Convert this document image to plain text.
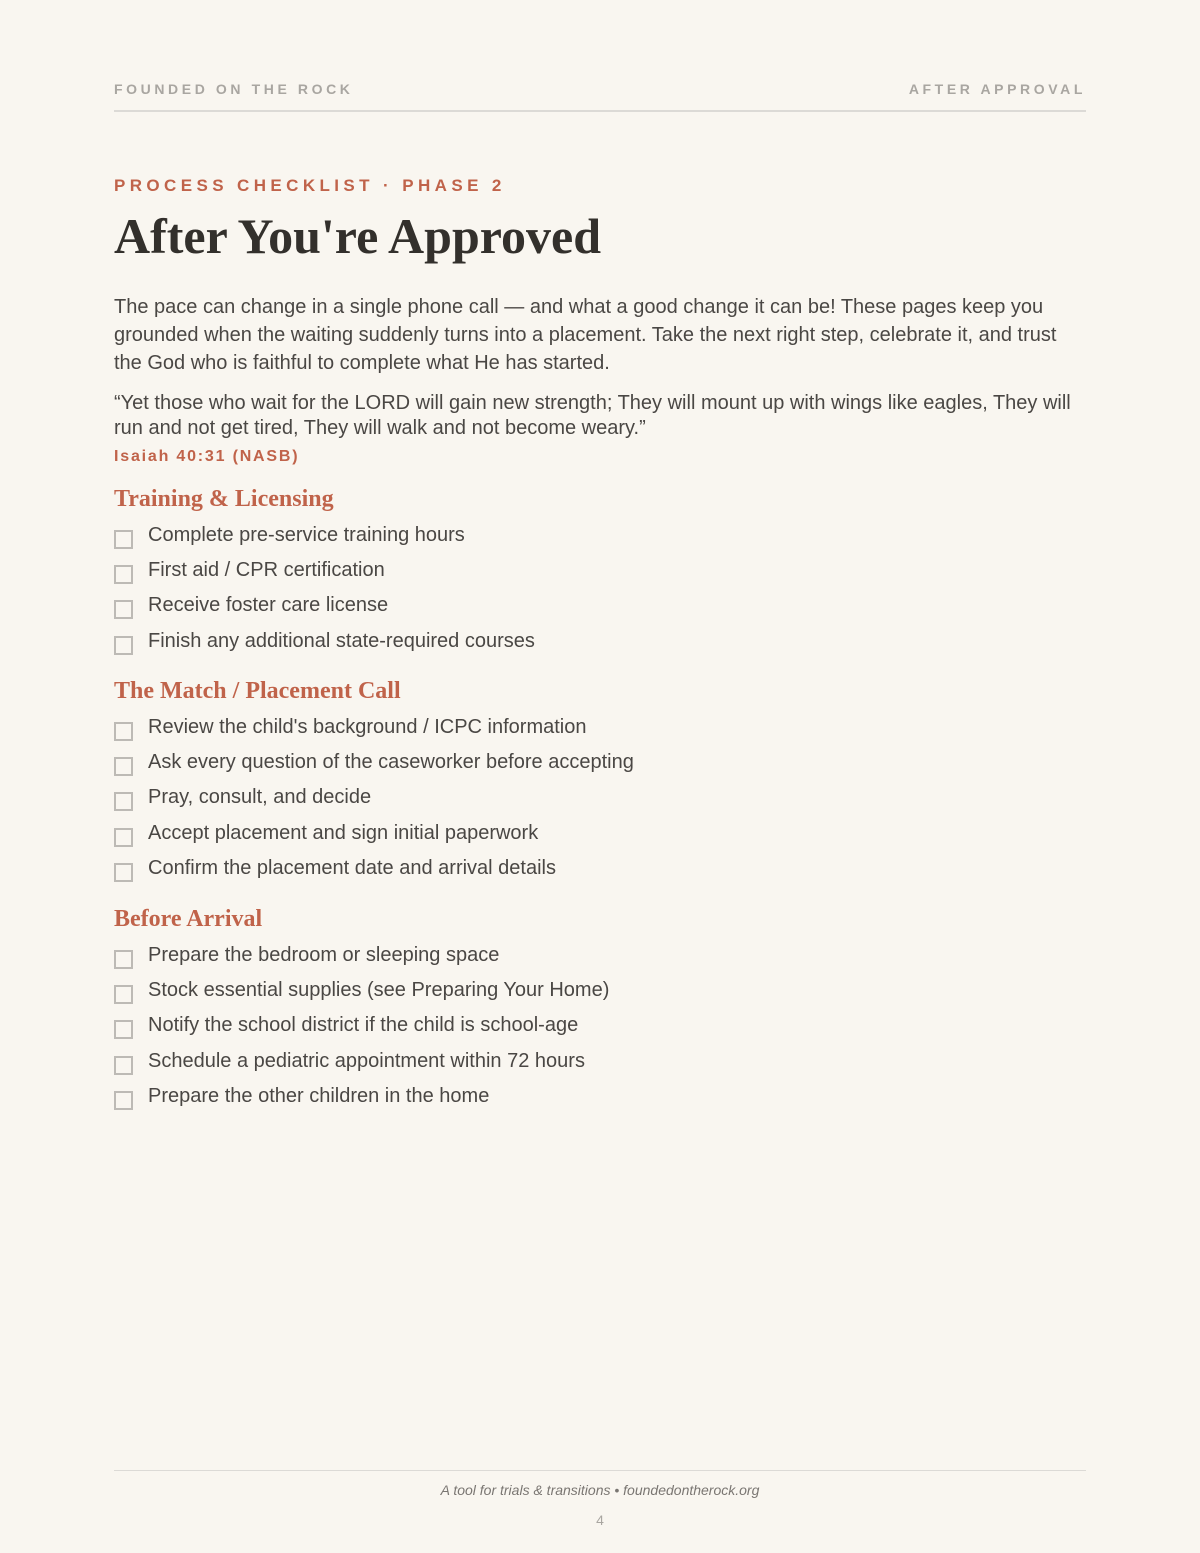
FOUNDED ON THE ROCK	AFTER APPROVAL
PROCESS CHECKLIST · PHASE 2
After You're Approved

The pace can change in a single phone call — and what a good change it can be! These pages keep you grounded when the waiting suddenly turns into a placement. Take the next right step, celebrate it, and trust the God who is faithful to complete what He has started.

“Yet those who wait for the LORD will gain new strength; They will mount up with wings like eagles, They will run and not get tired, They will walk and not become weary.”

Isaiah 40:31 (NASB)
Training & Licensing
Complete pre-service training hours
First aid / CPR certification
Receive foster care license
Finish any additional state-required courses
The Match / Placement Call
Review the child's background / ICPC information
Ask every question of the caseworker before accepting
Pray, consult, and decide
Accept placement and sign initial paperwork
Confirm the placement date and arrival details
Before Arrival
Prepare the bedroom or sleeping space
Stock essential supplies (see Preparing Your Home)
Notify the school district if the child is school-age
Schedule a pediatric appointment within 72 hours
Prepare the other children in the home
A tool for trials & transitions • foundedontherock.org
4
